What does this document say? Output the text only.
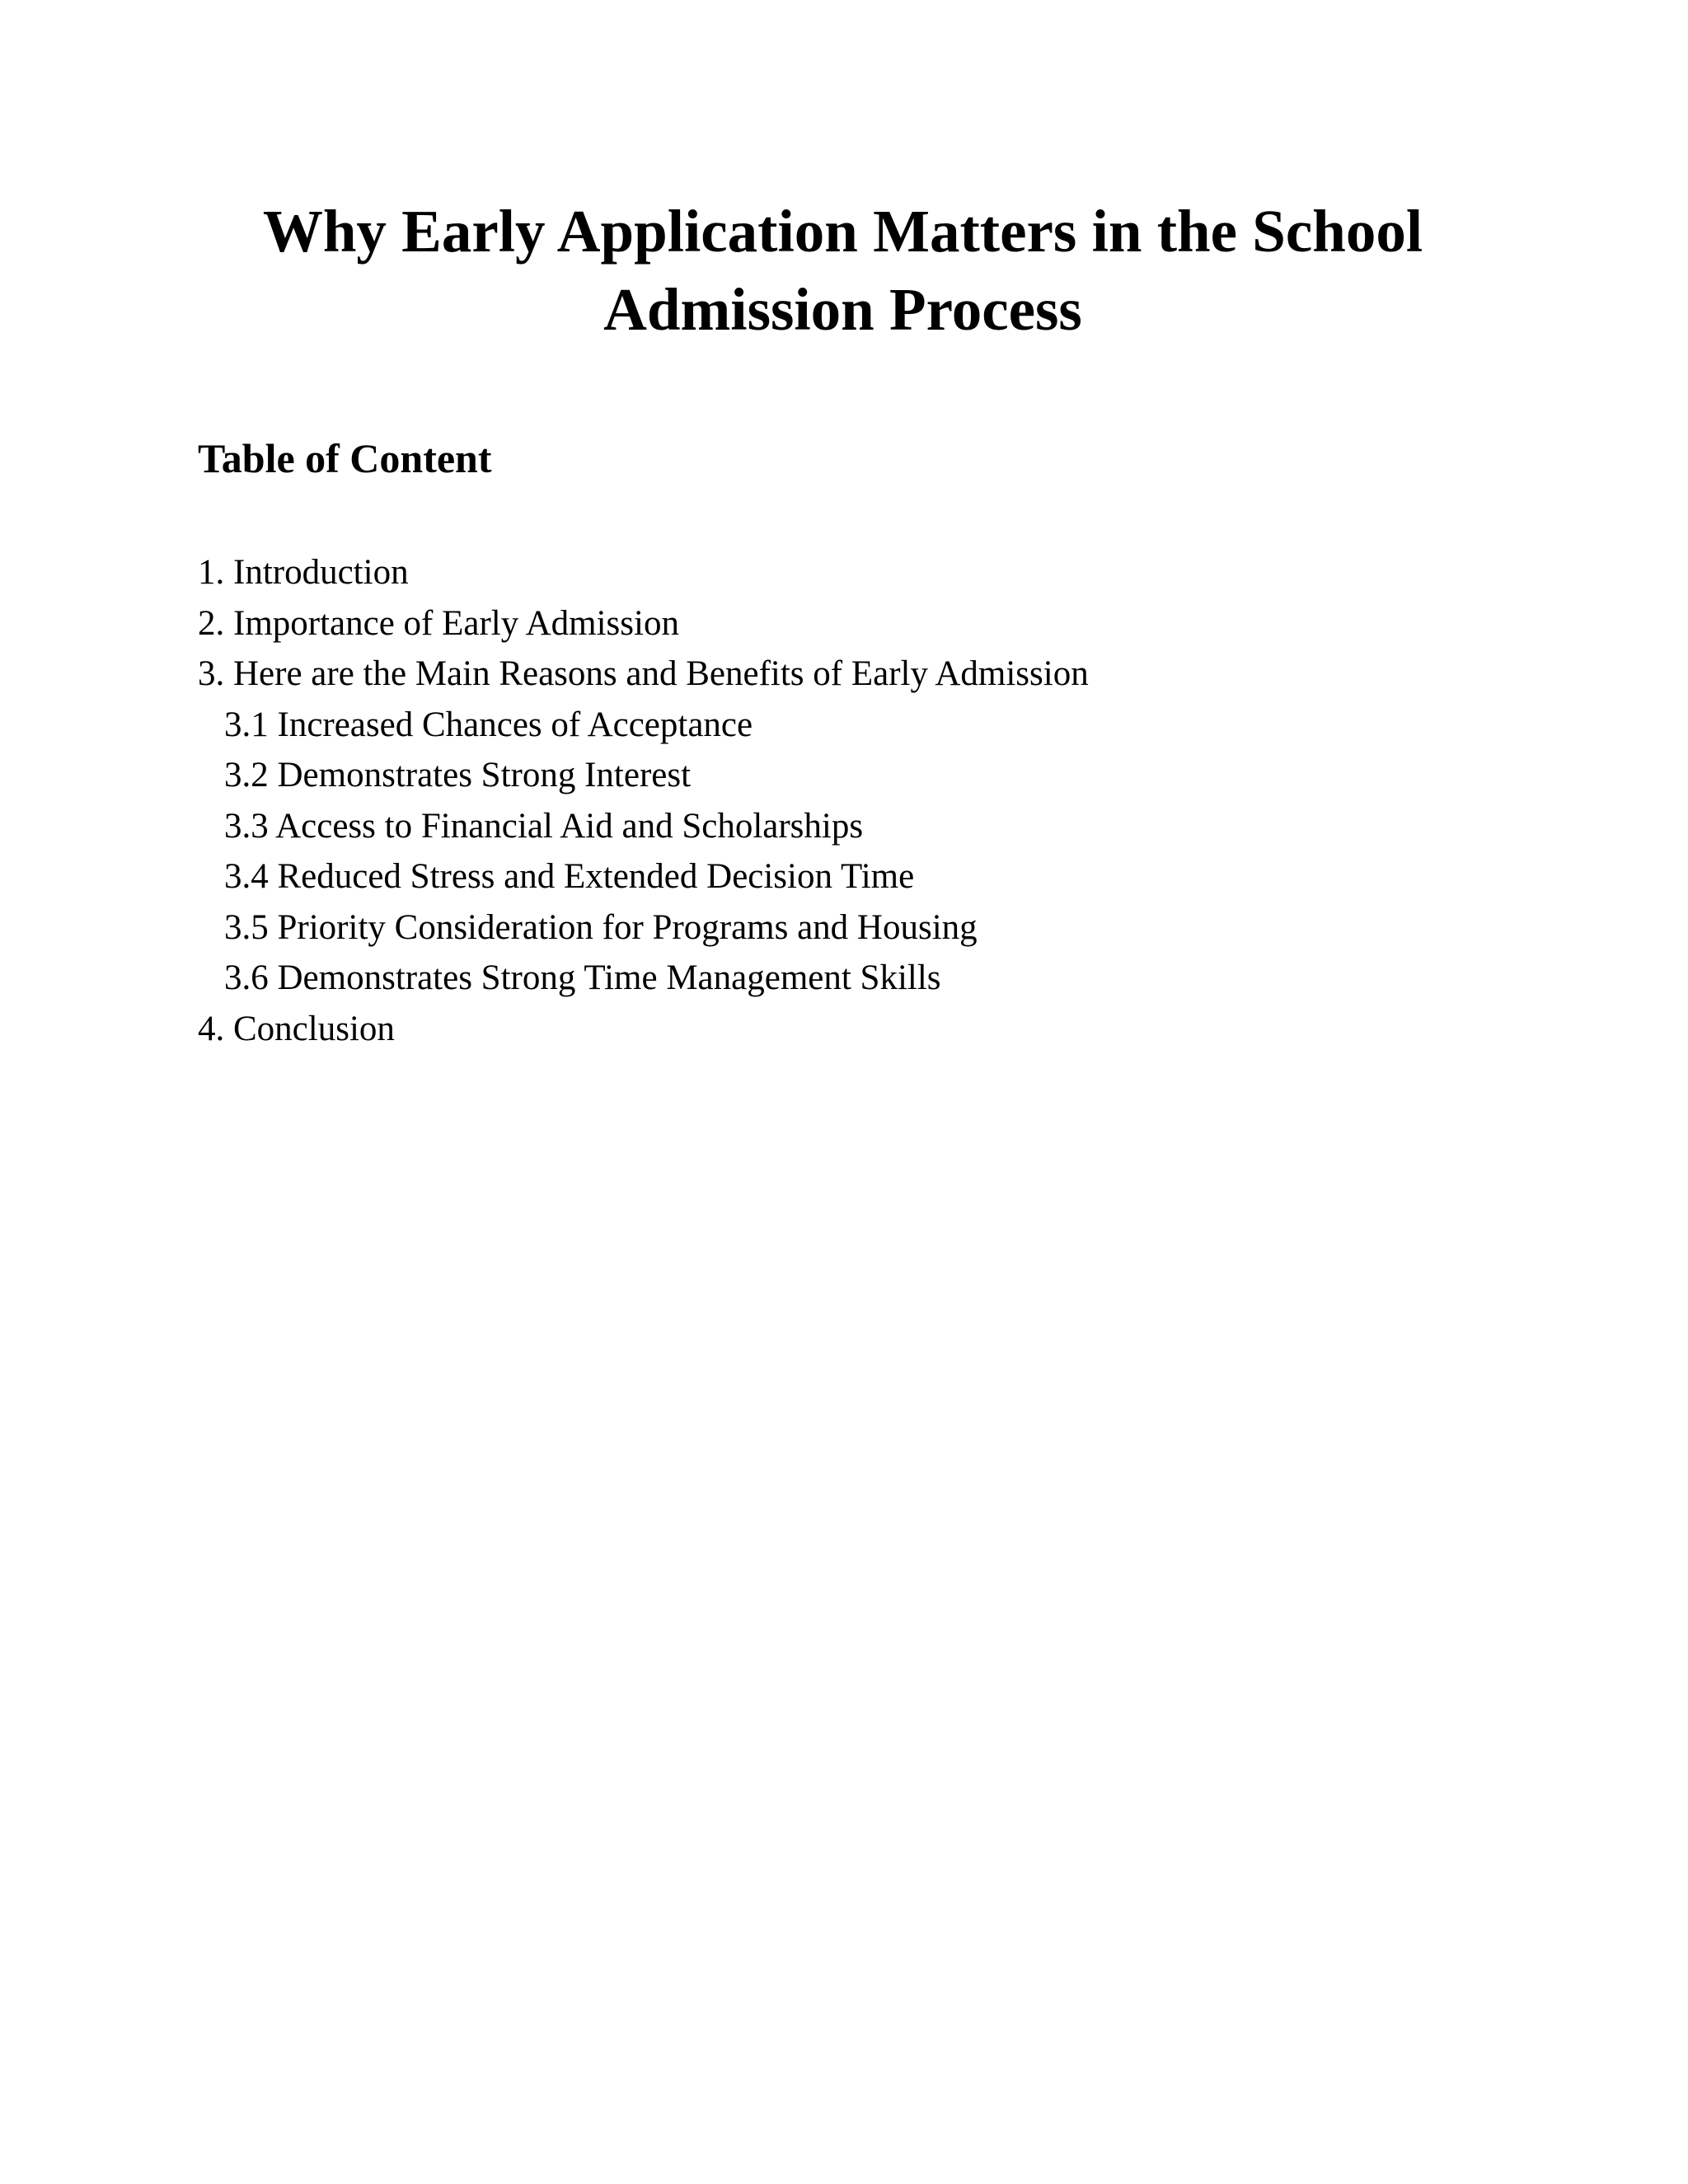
Why Early Application Matters in the School
Admission Process
Table of Content
1. Introduction
2. Importance of Early Admission
3. Here are the Main Reasons and Benefits of Early Admission
3.1 Increased Chances of Acceptance
3.2 Demonstrates Strong Interest
3.3 Access to Financial Aid and Scholarships
3.4 Reduced Stress and Extended Decision Time
3.5 Priority Consideration for Programs and Housing
3.6 Demonstrates Strong Time Management Skills
4. Conclusion
